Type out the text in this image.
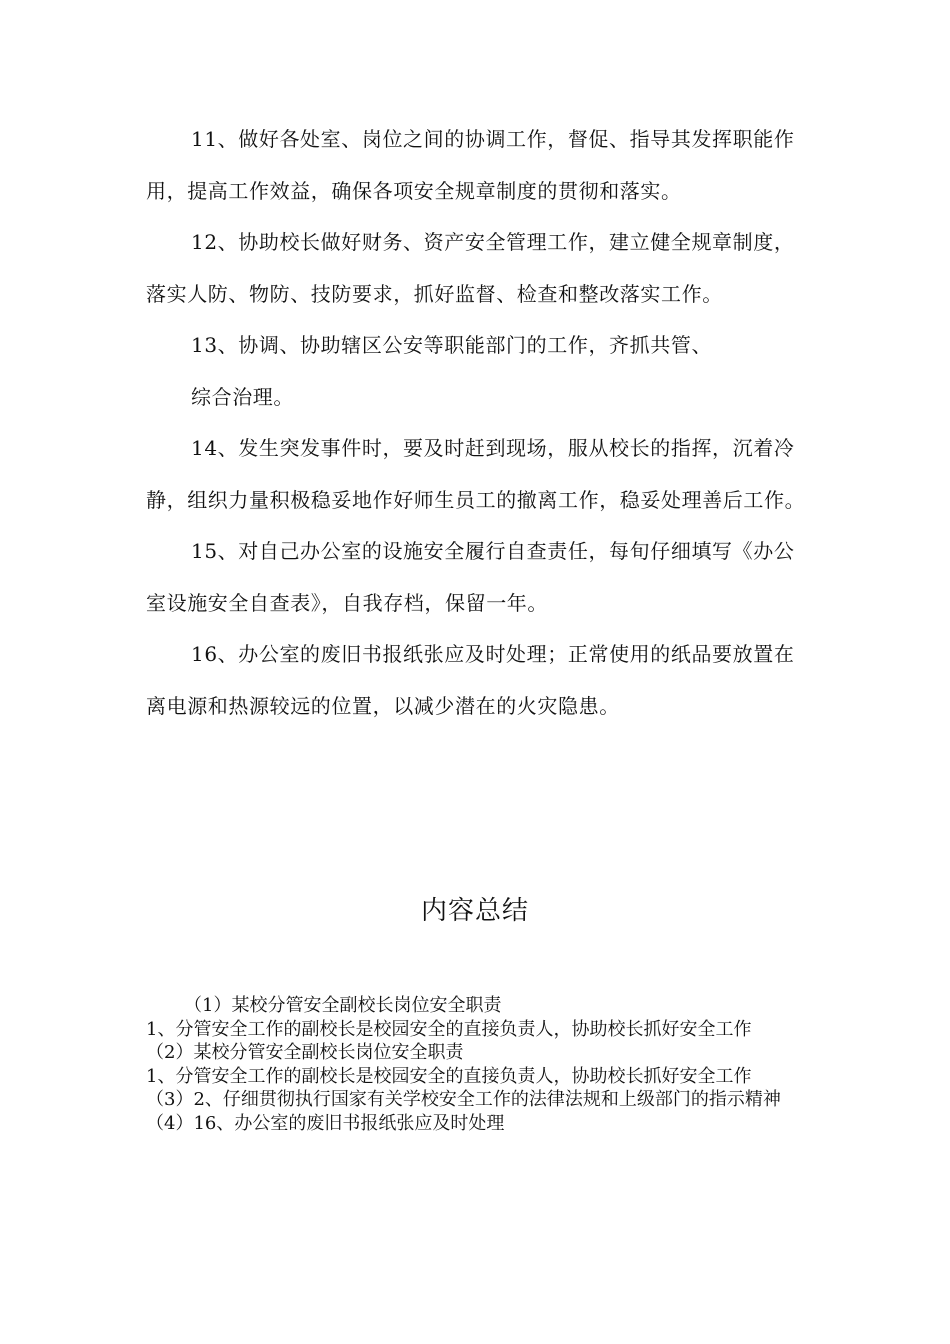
11、做好各处室、岗位之间的协调工作，督促、指导其发挥职能作用，提高工作效益，确保各项安全规章制度的贯彻和落实。

12、协助校长做好财务、资产安全管理工作，建立健全规章制度，落实人防、物防、技防要求，抓好监督、检查和整改落实工作。

13、协调、协助辖区公安等职能部门的工作，齐抓共管、

综合治理。

14、发生突发事件时，要及时赶到现场，服从校长的指挥，沉着冷静，组织力量积极稳妥地作好师生员工的撤离工作，稳妥处理善后工作。

15、对自己办公室的设施安全履行自查责任，每旬仔细填写《办公室设施安全自查表》，自我存档，保留一年。

16、办公室的废旧书报纸张应及时处理；正常使用的纸品要放置在离电源和热源较远的位置，以减少潜在的火灾隐患。

内容总结

（1）某校分管安全副校长岗位安全职责

1、分管安全工作的副校长是校园安全的直接负责人，协助校长抓好安全工作

（2）某校分管安全副校长岗位安全职责

1、分管安全工作的副校长是校园安全的直接负责人，协助校长抓好安全工作

（3）2、仔细贯彻执行国家有关学校安全工作的法律法规和上级部门的指示精神

（4）16、办公室的废旧书报纸张应及时处理
